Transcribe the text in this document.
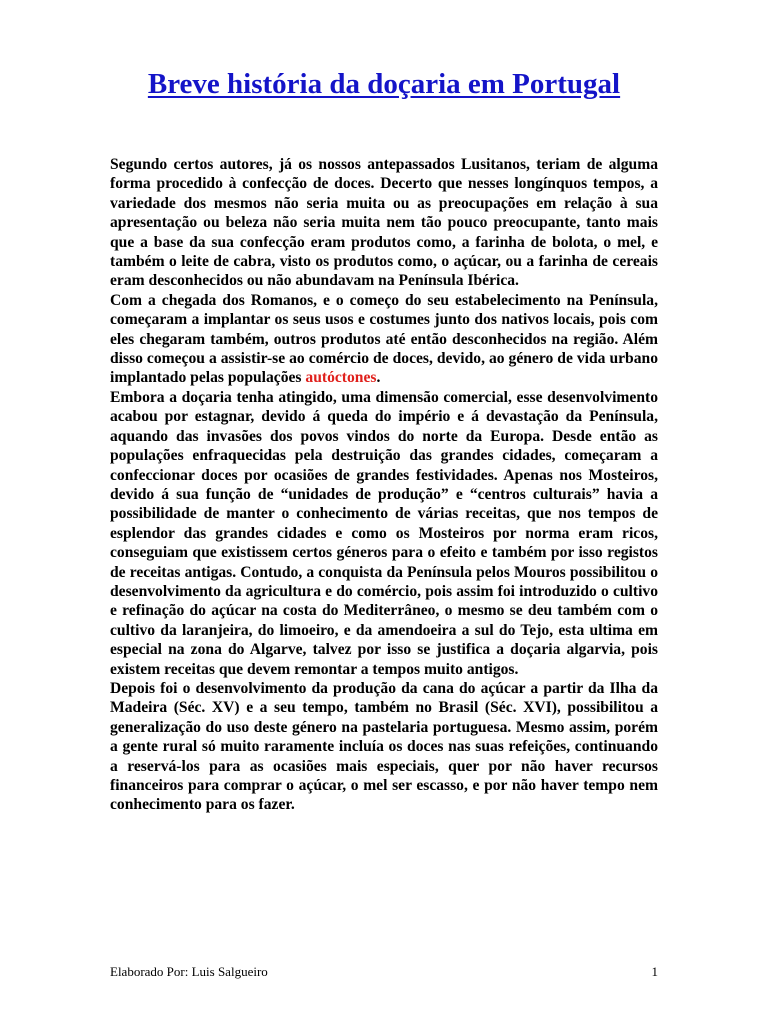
Breve história da doçaria em Portugal

Segundo certos autores, já os nossos antepassados Lusitanos, teriam de alguma forma procedido à confecção de doces. Decerto que nesses longínquos tempos, a variedade dos mesmos não seria muita ou as preocupações em relação à sua apresentação ou beleza não seria muita nem tão pouco preocupante, tanto mais que a base da sua confecção eram produtos como, a farinha de bolota, o mel, e também o leite de cabra, visto os produtos como, o açúcar, ou a farinha de cereais eram desconhecidos ou não abundavam na Península Ibérica.

Com a chegada dos Romanos, e o começo do seu estabelecimento na Península, começaram a implantar os seus usos e costumes junto dos nativos locais, pois com eles chegaram também, outros produtos até então desconhecidos na região. Além disso começou a assistir-se ao comércio de doces, devido, ao género de vida urbano implantado pelas populações autóctones.

Embora a doçaria tenha atingido, uma dimensão comercial, esse desenvolvimento acabou por estagnar, devido á queda do império e á devastação da Península, aquando das invasões dos povos vindos do norte da Europa. Desde então as populações enfraquecidas pela destruição das grandes cidades, começaram a confeccionar doces por ocasiões de grandes festividades. Apenas nos Mosteiros, devido á sua função de “unidades de produção” e “centros culturais” havia a possibilidade de manter o conhecimento de várias receitas, que nos tempos de esplendor das grandes cidades e como os Mosteiros por norma eram ricos, conseguiam que existissem certos géneros para o efeito e também por isso registos de receitas antigas. Contudo, a conquista da Península pelos Mouros possibilitou o desenvolvimento da agricultura e do comércio, pois assim foi introduzido o cultivo e refinação do açúcar na costa do Mediterrâneo, o mesmo se deu também com o cultivo da laranjeira, do limoeiro, e da amendoeira a sul do Tejo, esta ultima em especial na zona do Algarve, talvez por isso se justifica a doçaria algarvia, pois existem receitas que devem remontar a tempos muito antigos.

Depois foi o desenvolvimento da produção da cana do açúcar a partir da Ilha da Madeira (Séc. XV) e a seu tempo, também no Brasil (Séc. XVI), possibilitou a generalização do uso deste género na pastelaria portuguesa. Mesmo assim, porém a gente rural só muito raramente incluía os doces nas suas refeições, continuando a reservá-los para as ocasiões mais especiais, quer por não haver recursos financeiros para comprar o açúcar, o mel ser escasso, e por não haver tempo nem conhecimento para os fazer.

Elaborado Por: Luis Salgueiro	1
